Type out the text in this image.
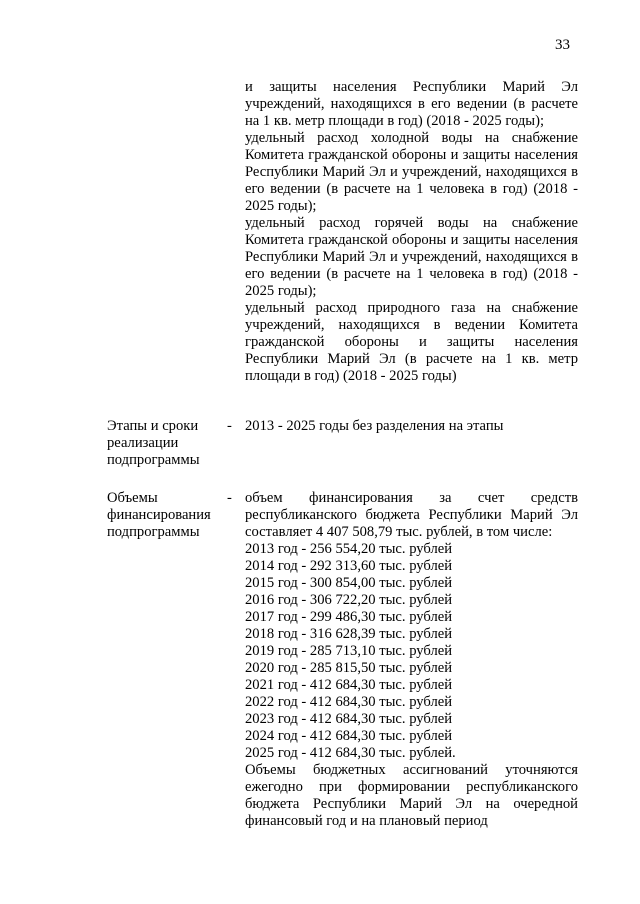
33

и защиты населения Республики Марий Эл учреждений, находящихся в его ведении (в расчете на 1 кв. метр площади в год) (2018 - 2025 годы);

удельный расход холодной воды на снабжение Комитета гражданской обороны и защиты населения Республики Марий Эл и учреждений, находящихся в его ведении (в расчете на 1 человека в год) (2018 - 2025 годы);

удельный расход горячей воды на снабжение Комитета гражданской обороны и защиты населения Республики Марий Эл и учреждений, находящихся в его ведении (в расчете на 1 человека в год) (2018 - 2025 годы);

удельный расход природного газа на снабжение учреждений, находящихся в ведении Комитета гражданской обороны и защиты населения Республики Марий Эл (в расчете на 1 кв. метр площади в год) (2018 - 2025 годы)

Этапы и сроки
реализации
подпрограммы
- 2013 - 2025 годы без разделения на этапы
Объемы
финансирования
подпрограммы
- объем финансирования за счет средств республиканского бюджета Республики Марий Эл составляет 4 407 508,79 тыс. рублей, в том числе:

2013 год - 256 554,20 тыс. рублей
2014 год - 292 313,60 тыс. рублей
2015 год - 300 854,00 тыс. рублей
2016 год - 306 722,20 тыс. рублей
2017 год - 299 486,30 тыс. рублей
2018 год - 316 628,39 тыс. рублей
2019 год - 285 713,10 тыс. рублей
2020 год - 285 815,50 тыс. рублей
2021 год - 412 684,30 тыс. рублей
2022 год - 412 684,30 тыс. рублей
2023 год - 412 684,30 тыс. рублей
2024 год - 412 684,30 тыс. рублей
2025 год - 412 684,30 тыс. рублей.

Объемы бюджетных ассигнований уточняются ежегодно при формировании республиканского бюджета Республики Марий Эл на очередной финансовый год и на плановый период
